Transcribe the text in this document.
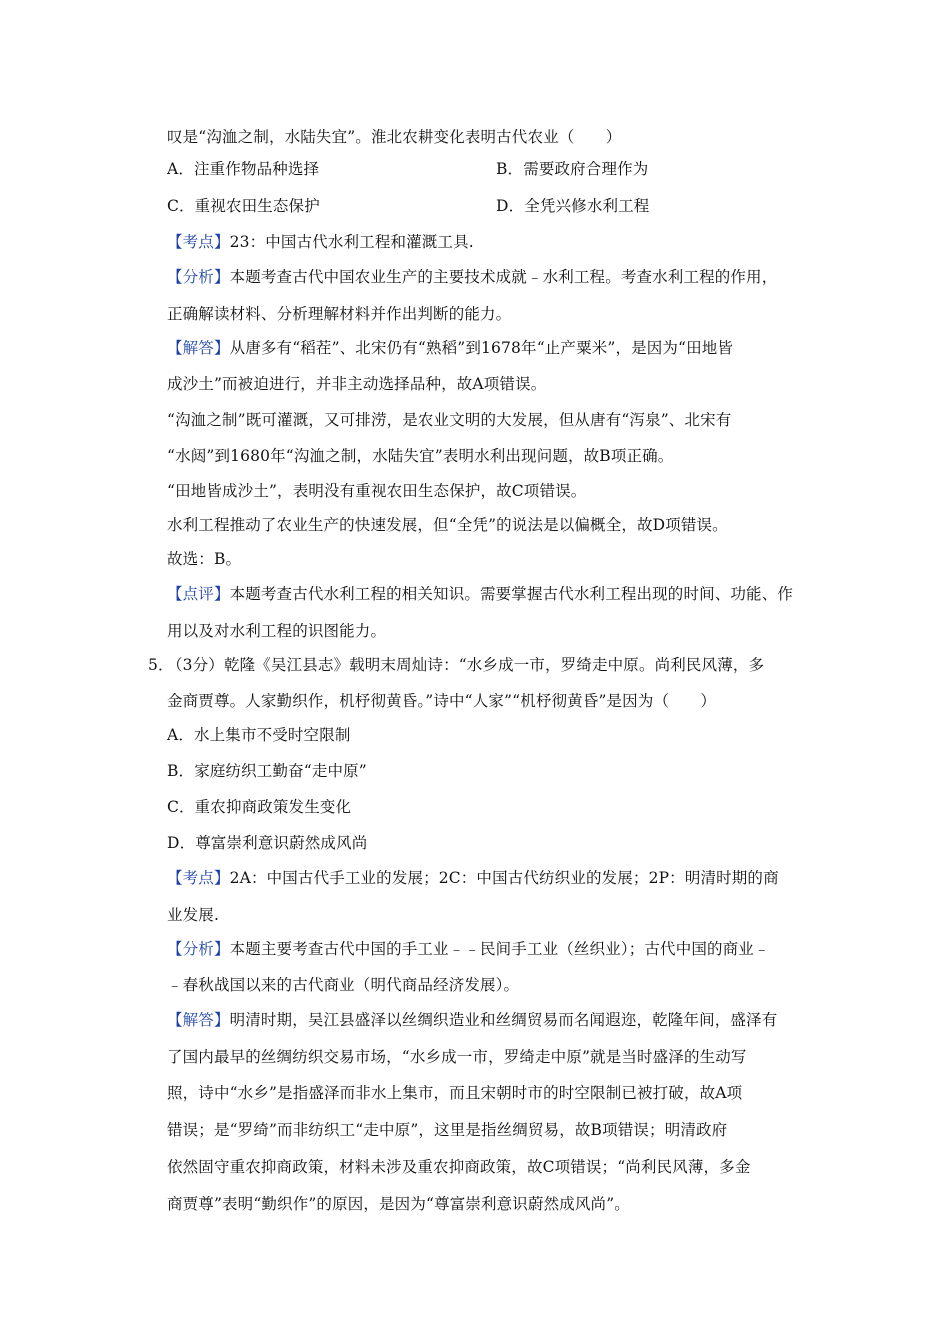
叹是“沟洫之制，水陆失宜”。淮北农耕变化表明古代农业（　　）
A．注重作物品种选择	B．需要政府合理作为
C．重视农田生态保护	D．全凭兴修水利工程
【考点】23：中国古代水利工程和灌溉工具.
【分析】本题考查古代中国农业生产的主要技术成就﹣水利工程。考查水利工程的作用，
正确解读材料、分析理解材料并作出判断的能力。
【解答】从唐多有“稻茬”、北宋仍有“熟稻”到1678年“止产粟米”，是因为“田地皆
成沙土”而被迫进行，并非主动选择品种，故A项错误。
“沟洫之制”既可灌溉，又可排涝，是农业文明的大发展，但从唐有“泻泉”、北宋有
“水闼”到1680年“沟洫之制，水陆失宜”表明水利出现问题，故B项正确。
“田地皆成沙土”，表明没有重视农田生态保护，故C项错误。
水利工程推动了农业生产的快速发展，但“全凭”的说法是以偏概全，故D项错误。
故选：B。
【点评】本题考查古代水利工程的相关知识。需要掌握古代水利工程出现的时间、功能、作
用以及对水利工程的识图能力。
5．
（3分）乾隆《吴江县志》载明末周灿诗：“水乡成一市，罗绮走中原。尚利民风薄，多
金商贾尊。人家勤织作，机杼彻黄昏。”诗中“人家”“机杼彻黄昏”是因为（　　）
A．水上集市不受时空限制
B．家庭纺织工勤奋“走中原”
C．重农抑商政策发生变化
D．尊富崇利意识蔚然成风尚
【考点】2A：中国古代手工业的发展；2C：中国古代纺织业的发展；2P：明清时期的商
业发展.
【分析】本题主要考查古代中国的手工业﹣﹣民间手工业（丝织业）；古代中国的商业﹣
﹣春秋战国以来的古代商业（明代商品经济发展）。
【解答】明清时期，吴江县盛泽以丝绸织造业和丝绸贸易而名闻遐迩，乾隆年间，盛泽有
了国内最早的丝绸纺织交易市场，“水乡成一市，罗绮走中原”就是当时盛泽的生动写
照，诗中“水乡”是指盛泽而非水上集市，而且宋朝时市的时空限制已被打破，故A项
错误；是“罗绮”而非纺织工“走中原”，这里是指丝绸贸易，故B项错误；明清政府
依然固守重农抑商政策，材料未涉及重农抑商政策，故C项错误；“尚利民风薄，多金
商贾尊”表明“勤织作”的原因，是因为“尊富崇利意识蔚然成风尚”。
